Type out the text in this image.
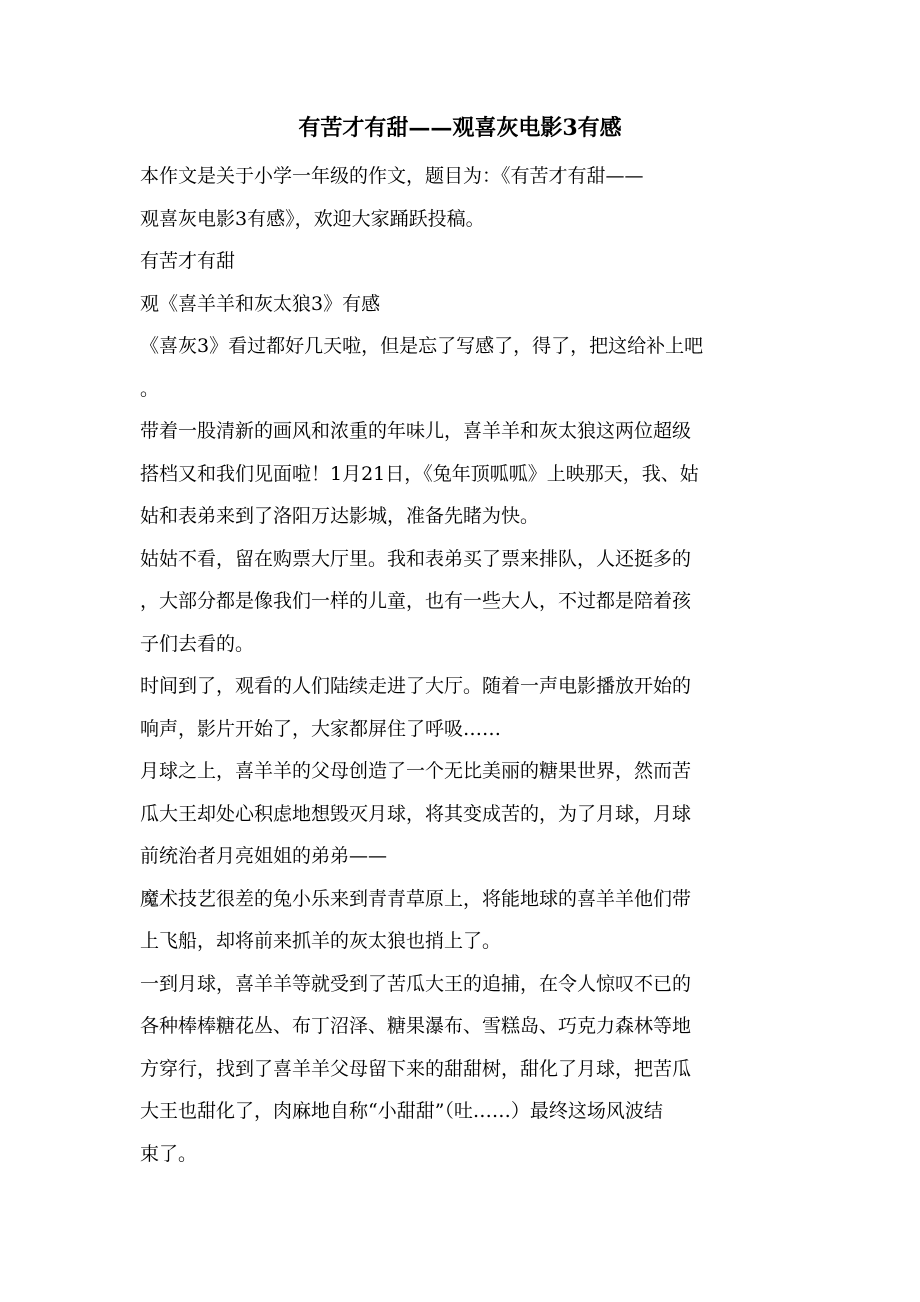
有苦才有甜——观喜灰电影3有感
本作文是关于小学一年级的作文，题目为：《有苦才有甜——
观喜灰电影3有感》，欢迎大家踊跃投稿。
有苦才有甜
观《喜羊羊和灰太狼3》有感
《喜灰3》看过都好几天啦，但是忘了写感了，得了，把这给补上吧
。
带着一股清新的画风和浓重的年味儿，喜羊羊和灰太狼这两位超级
搭档又和我们见面啦！1月21日，《兔年顶呱呱》上映那天，我、姑
姑和表弟来到了洛阳万达影城，准备先睹为快。
姑姑不看，留在购票大厅里。我和表弟买了票来排队，人还挺多的
，大部分都是像我们一样的儿童，也有一些大人，不过都是陪着孩
子们去看的。
时间到了，观看的人们陆续走进了大厅。随着一声电影播放开始的
响声，影片开始了，大家都屏住了呼吸……
月球之上，喜羊羊的父母创造了一个无比美丽的糖果世界，然而苦
瓜大王却处心积虑地想毁灭月球，将其变成苦的，为了月球，月球
前统治者月亮姐姐的弟弟——
魔术技艺很差的兔小乐来到青青草原上，将能地球的喜羊羊他们带
上飞船，却将前来抓羊的灰太狼也捎上了。
一到月球，喜羊羊等就受到了苦瓜大王的追捕，在令人惊叹不已的
各种棒棒糖花丛、布丁沼泽、糖果瀑布、雪糕岛、巧克力森林等地
方穿行，找到了喜羊羊父母留下来的甜甜树，甜化了月球，把苦瓜
大王也甜化了，肉麻地自称“小甜甜”（吐……）最终这场风波结
束了。
